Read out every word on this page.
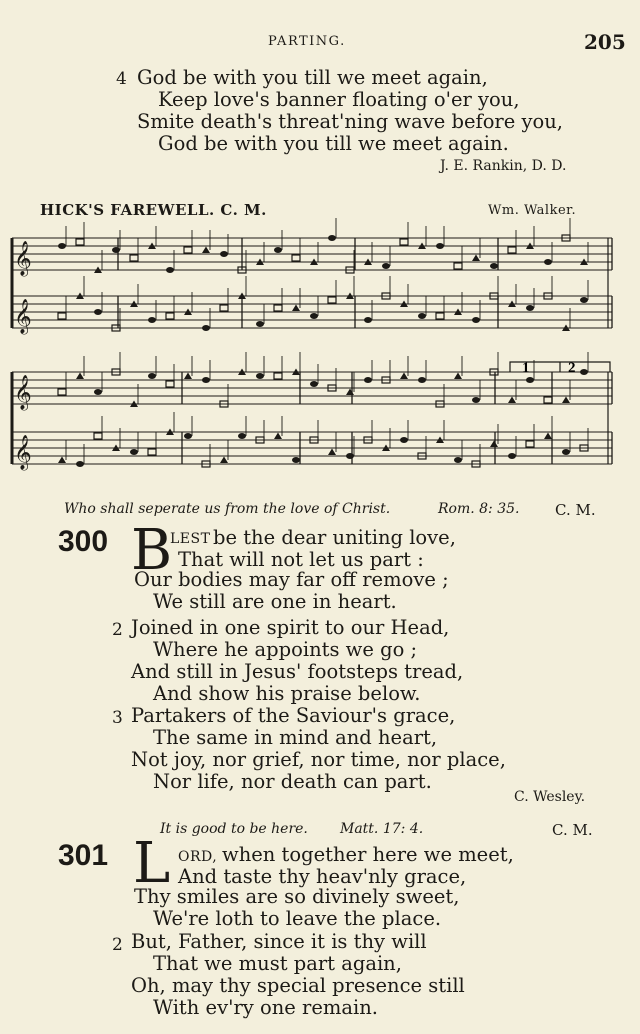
PARTING.	205
4 God be with you till we meet again,
Keep love's banner floating o'er you,
Smite death's threat'ning wave before you,
God be with you till we meet again.
J. E. Rankin, D. D.
HICK'S FAREWELL. C. M.	Wm. Walker.
𝄞
𝄞
𝄞
𝄞
1	2
Who shall seperate us from the love of Christ.	Rom. 8: 35. C. M.
300 B
LEST be the dear uniting love,
That will not let us part :
Our bodies may far off remove ;
We still are one in heart.
2 Joined in one spirit to our Head,
Where he appoints we go ;
And still in Jesus' footsteps tread,
And show his praise below.
3 Partakers of the Saviour's grace,
The same in mind and heart,
Not joy, nor grief, nor time, nor place,
Nor life, nor death can part.
C. Wesley.
It is good to be here. Matt. 17: 4.	C. M.
301 L ORD, when together here we meet,
And taste thy heav'nly grace,
Thy smiles are so divinely sweet,
We're loth to leave the place.
2 But, Father, since it is thy will
That we must part again,
Oh, may thy special presence still
With ev'ry one remain.
